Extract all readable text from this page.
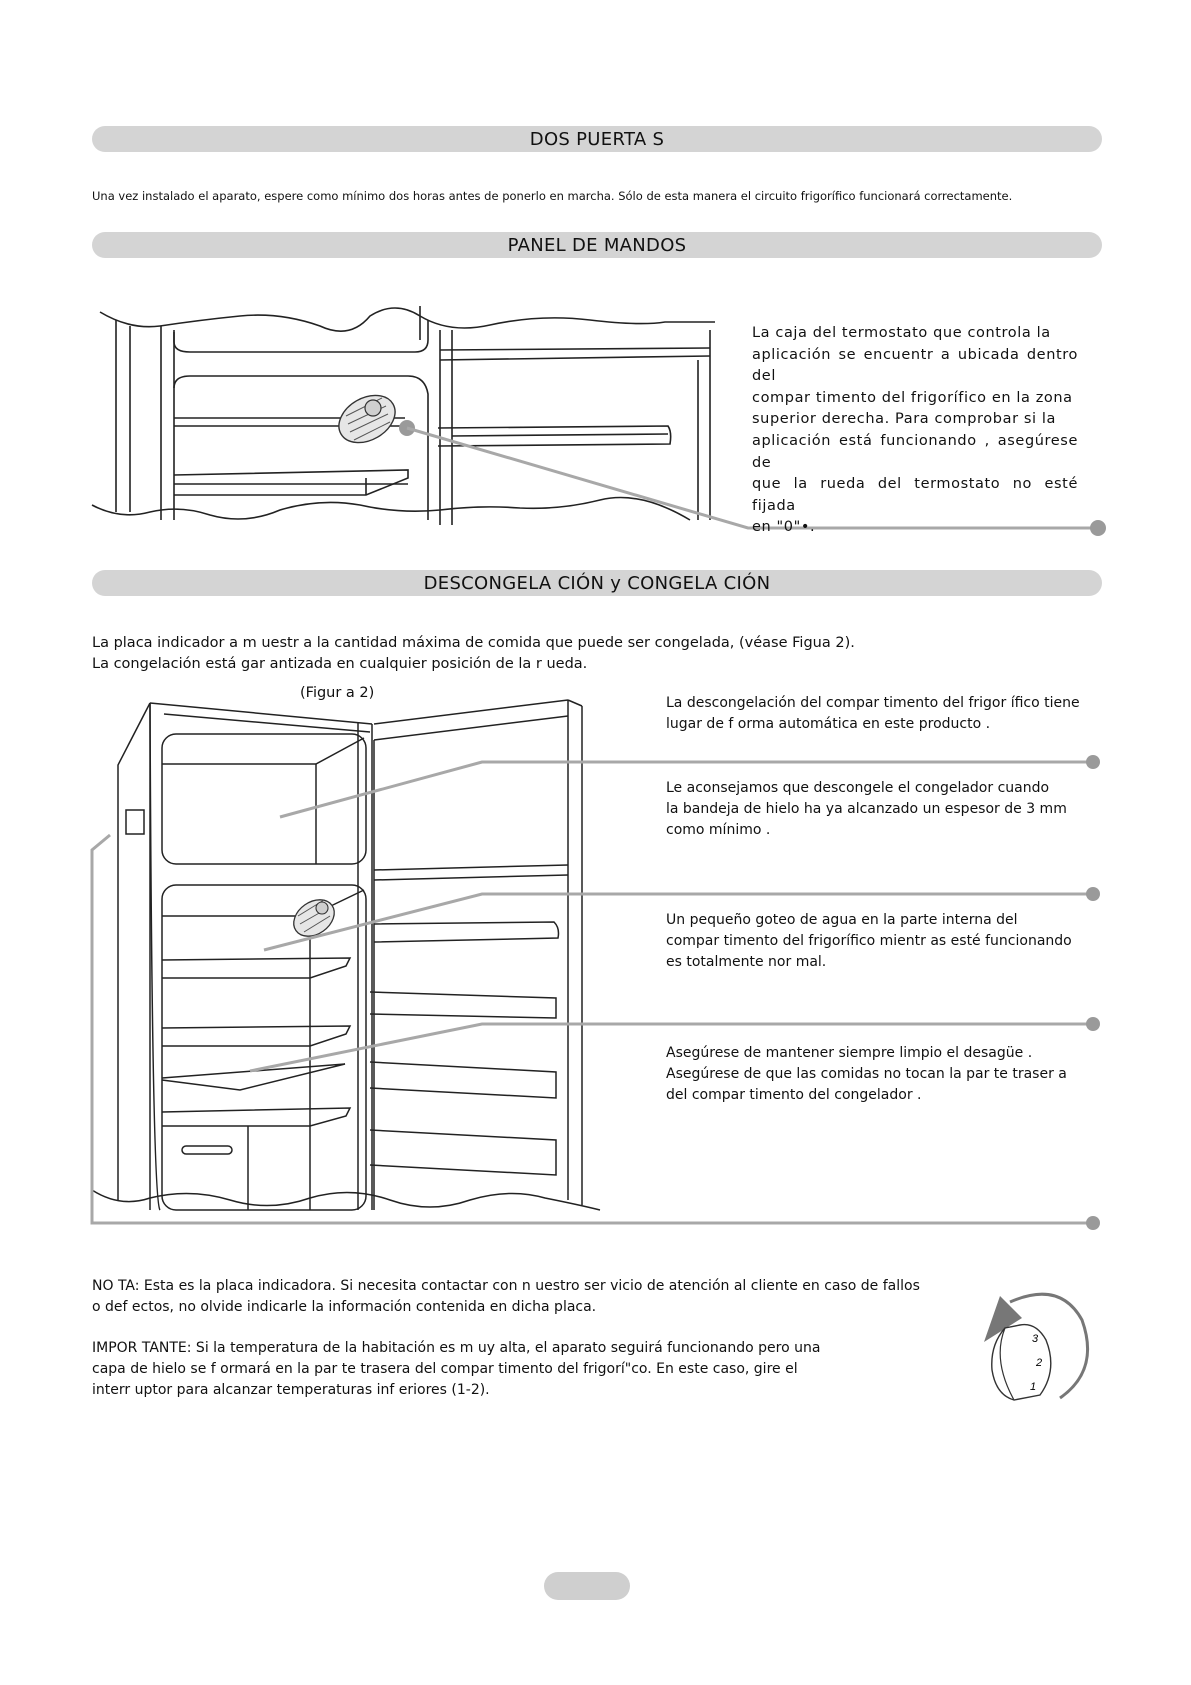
DOS PUERTA S
Una vez instalado el aparato, espere como mínimo dos horas antes de ponerlo en marcha. Sólo de esta manera el circuito frigorífico funcionará correctamente.
PANEL DE MANDOS
3
2
1
La caja del termostato que controla la
aplicación se encuentr a ubicada dentro del
compar timento del frigorífico en la zona
superior derecha. Para comprobar si la
aplicación está funcionando , asegúrese de
que la rueda del termostato no esté fijada
en "0"•.
DESCONGELA CIÓN y CONGELA CIÓN
La placa indicador a m uestr a la cantidad máxima de comida que puede ser congelada, (véase Figua 2).
La congelación está gar antizada en cualquier posición de la r ueda.
(Figur a 2)
La descongelación del compar timento del frigor ífico tiene
lugar de f orma automática en este producto .
Le aconsejamos que descongele el congelador cuando
la bandeja de hielo ha ya alcanzado un espesor de 3 mm
como mínimo .
Un pequeño goteo de agua en la parte interna del
compar timento del frigorífico mientr as esté funcionando
es totalmente nor mal.
Asegúrese de mantener siempre limpio el desagüe .
Asegúrese de que las comidas no tocan la par te traser a
del compar timento del congelador .
NO TA: Esta es la placa indicadora. Si necesita contactar con n uestro ser vicio de atención al cliente en caso de fallos
o def ectos, no olvide indicarle la información contenida en dicha placa.
IMPOR TANTE: Si la temperatura de la habitación es m uy alta, el aparato seguirá funcionando pero una
capa de hielo se f ormará en la par te trasera del compar timento del frigorí"co. En este caso, gire el
interr uptor para alcanzar temperaturas inf eriores (1-2).
